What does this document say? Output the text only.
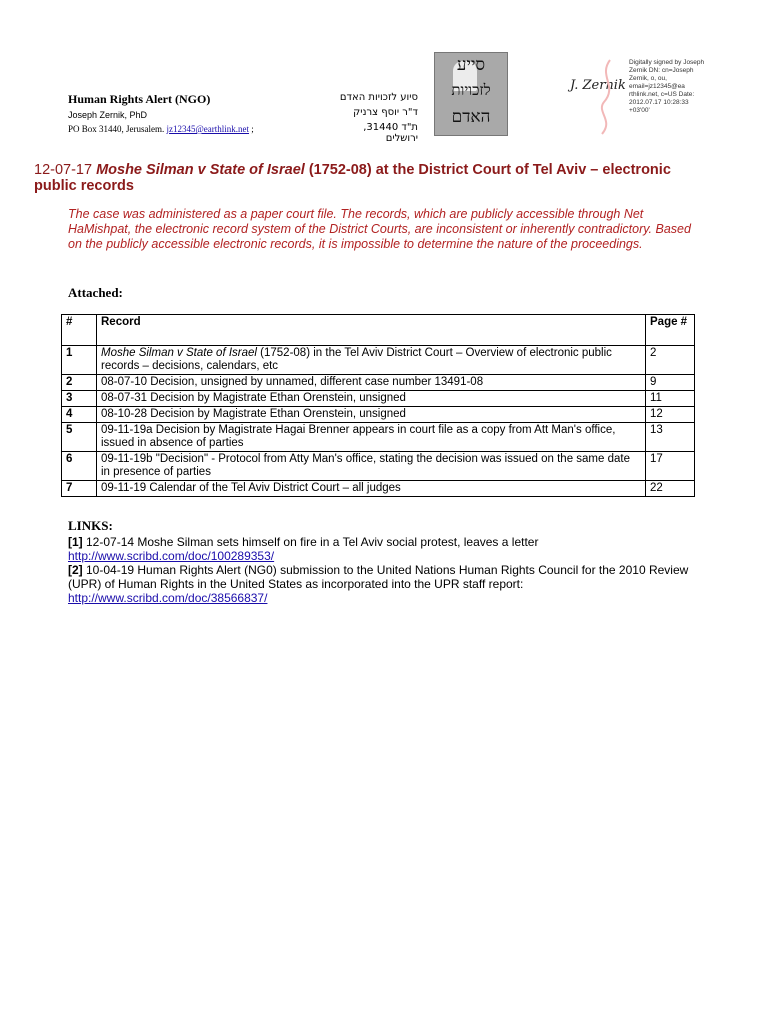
Human Rights Alert (NGO)
Joseph Zernik, PhD
PO Box 31440, Jerusalem. jz12345@earthlink.net ;
סיוע לזכויות האדם
ד"ר יוסף צרניק
ת"ד 31440, ירושלים
סייע
לזכויות
האדם
J. Zernik
Digitally signed by Joseph Zernik DN: cn=Joseph Zernik, o, ou, email=jz12345@ea rthlink.net, c=US Date: 2012.07.17 10:28:33 +03'00'
12-07-17 Moshe Silman v State of Israel (1752-08) at the District Court of Tel Aviv – electronic public records
The case was administered as a paper court file. The records, which are publicly accessible through Net HaMishpat, the electronic record system of the District Courts, are inconsistent or inherently contradictory. Based on the publicly accessible electronic records, it is impossible to determine the nature of the proceedings.
Attached:
#	Record	Page #
1	Moshe Silman v State of Israel (1752-08) in the Tel Aviv District Court – Overview of electronic public records – decisions, calendars, etc	2
2	08-07-10 Decision, unsigned by unnamed, different case number 13491-08	9
3	08-07-31 Decision by Magistrate Ethan Orenstein, unsigned	11
4	08-10-28 Decision by Magistrate Ethan Orenstein, unsigned	12
5	09-11-19a Decision by Magistrate Hagai Brenner appears in court file as a copy from Att Man's office, issued in absence of parties	13
6	09-11-19b "Decision" - Protocol from Atty Man's office, stating the decision was issued on the same date in presence of parties	17
7	09-11-19 Calendar of the Tel Aviv District Court – all judges	22
LINKS:
[1] 12-07-14 Moshe Silman sets himself on fire in a Tel Aviv social protest, leaves a letter
http://www.scribd.com/doc/100289353/
[2] 10-04-19 Human Rights Alert (NG0) submission to the United Nations Human Rights Council for the 2010 Review (UPR) of Human Rights in the United States as incorporated into the UPR staff report:
http://www.scribd.com/doc/38566837/
